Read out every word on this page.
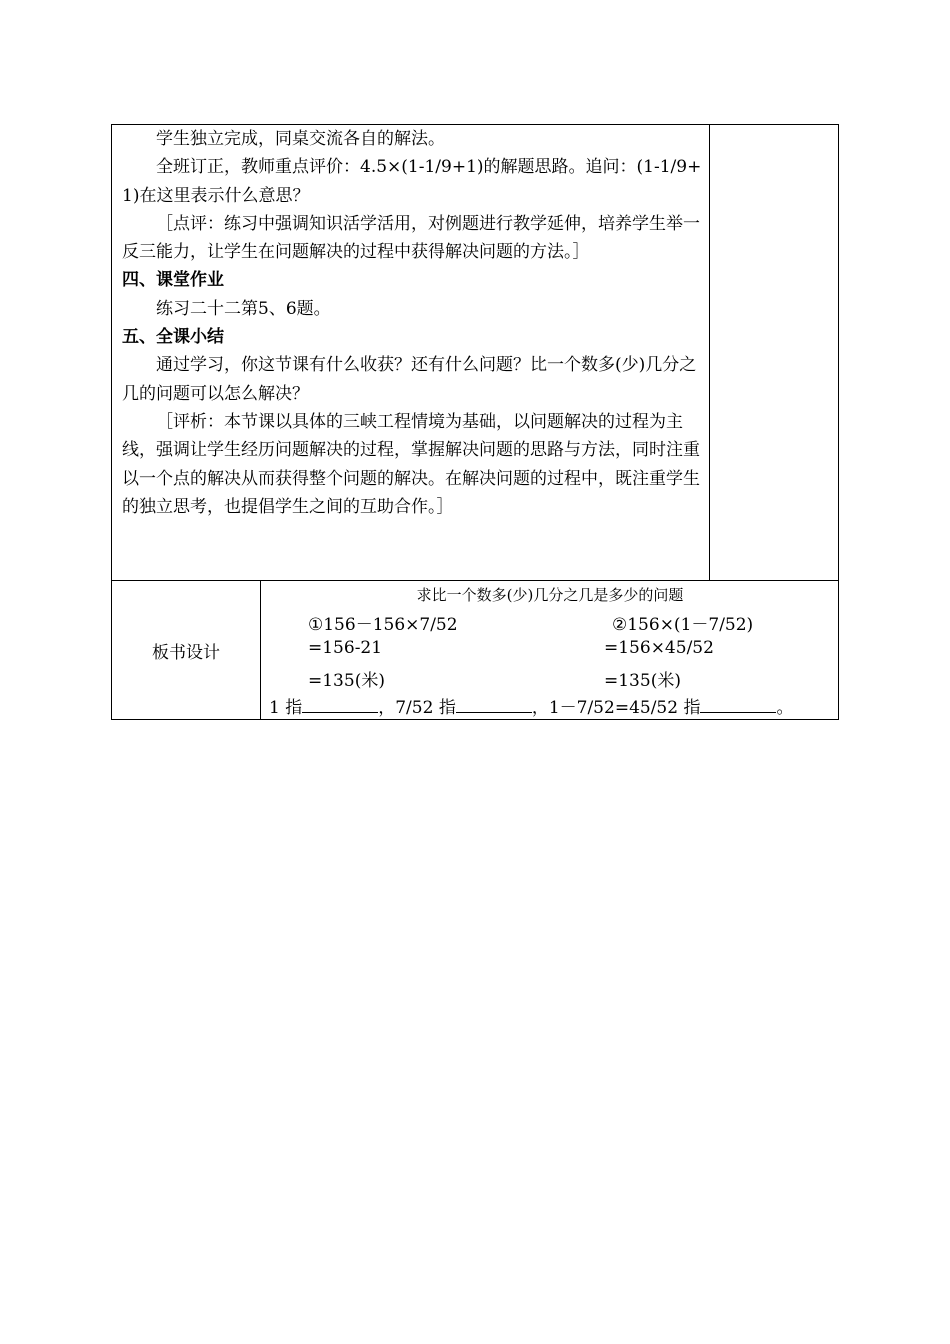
学生独立完成，同桌交流各自的解法。

全班订正，教师重点评价：4.5×(1-1/9+1)的解题思路。追问：(1-1/9+1)在这里表示什么意思？

［点评：练习中强调知识活学活用，对例题进行教学延伸，培养学生举一反三能力，让学生在问题解决的过程中获得解决问题的方法。］

四、课堂作业

练习二十二第5、6题。

五、全课小结

通过学习，你这节课有什么收获？还有什么问题？比一个数多(少)几分之几的问题可以怎么解决？

［评析：本节课以具体的三峡工程情境为基础，以问题解决的过程为主线，强调让学生经历问题解决的过程，掌握解决问题的思路与方法，同时注重以一个点的解决从而获得整个问题的解决。在解决问题的过程中，既注重学生的独立思考，也提倡学生之间的互助合作。］

板书设计
求比一个数多(少)几分之几是多少的问题
①156－156×7/52
=156-21
=135(米)
②156×(1－7/52)
=156×45/52
=135(米)
1 指	，7/52 指	，1－7/52=45/52 指	。
